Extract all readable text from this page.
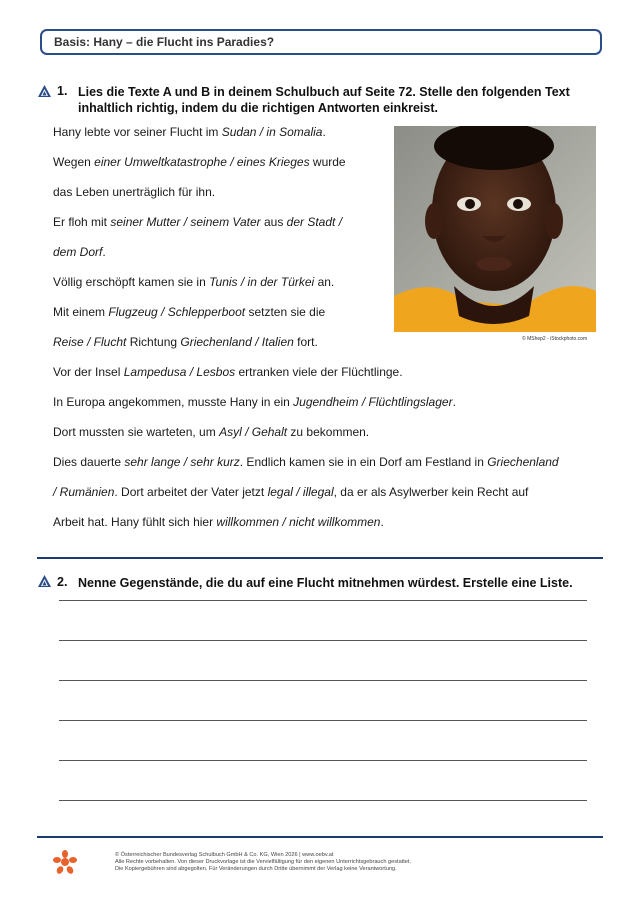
Basis: Hany – die Flucht ins Paradies?
1. Lies die Texte A und B in deinem Schulbuch auf Seite 72. Stelle den folgenden Text
inhaltlich richtig, indem du die richtigen Antworten einkreist.
Hany lebte vor seiner Flucht im Sudan / in Somalia.
Wegen einer Umweltkatastrophe / eines Krieges wurde
das Leben unerträglich für ihn.
Er floh mit seiner Mutter / seinem Vater aus der Stadt /
dem Dorf.
Völlig erschöpft kamen sie in Tunis / in der Türkei an.
Mit einem Flugzeug / Schlepperboot setzten sie die
Reise / Flucht Richtung Griechenland / Italien fort.
Vor der Insel Lampedusa / Lesbos ertranken viele der Flüchtlinge.
In Europa angekommen, musste Hany in ein Jugendheim / Flüchtlingslager.
Dort mussten sie warteten, um Asyl / Gehalt zu bekommen.
Dies dauerte sehr lange / sehr kurz. Endlich kamen sie in ein Dorf am Festland in Griechenland
/ Rumänien. Dort arbeitet der Vater jetzt legal / illegal, da er als Asylwerber kein Recht auf
Arbeit hat. Hany fühlt sich hier willkommen / nicht willkommen.
© MShep2 - iStockphoto.com
2. Nenne Gegenstände, die du auf eine Flucht mitnehmen würdest. Erstelle eine Liste.
© Österreichischer Bundesverlag Schulbuch GmbH & Co. KG, Wien 2026 | www.oebv.at
Alle Rechte vorbehalten. Von dieser Druckvorlage ist die Vervielfältigung für den eigenen Unterrichtsgebrauch gestattet.
Die Kopiergebühren sind abgegolten. Für Veränderungen durch Dritte übernimmt der Verlag keine Verantwortung.
